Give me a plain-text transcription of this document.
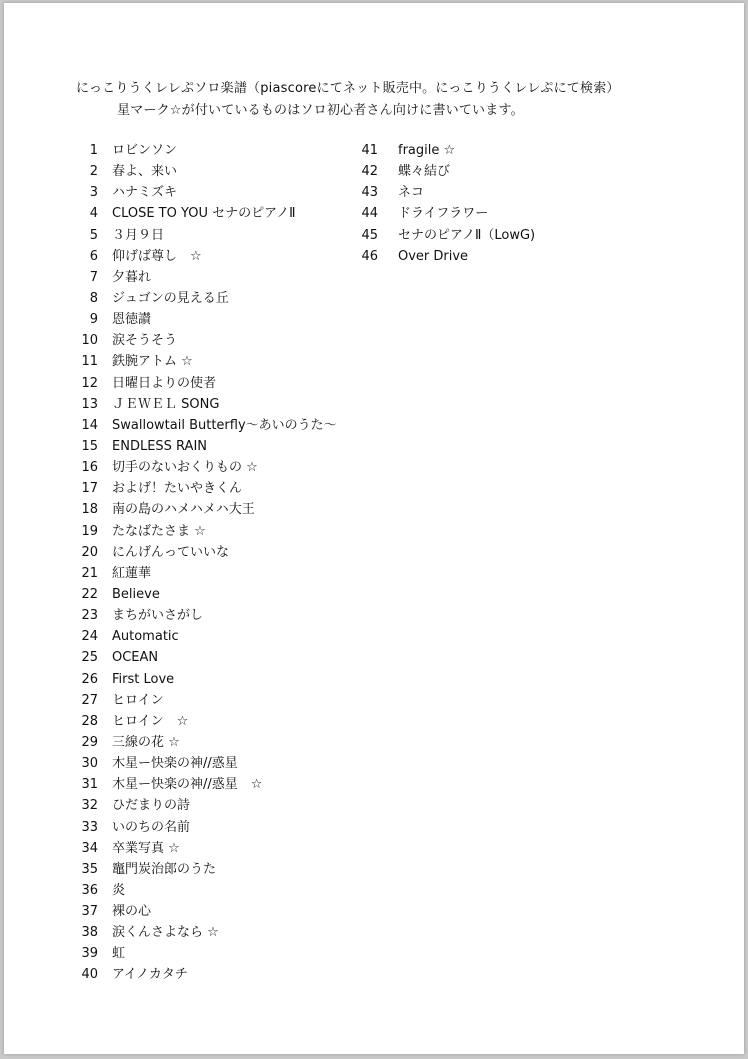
にっこりうくレレぷソロ楽譜（piascoreにてネット販売中。にっこりうくレレぷにて検索）
星マーク☆が付いているものはソロ初心者さん向けに書いています。
1 ロビンソン
2 春よ、来い
3 ハナミズキ
4 CLOSE TO YOU セナのピアノⅡ
5 ３月９日
6 仰げば尊し　☆
7 夕暮れ
8 ジュゴンの見える丘
9 恩徳讃
10 涙そうそう
11 鉄腕アトム ☆
12 日曜日よりの使者
13 ＪＥＷＥＬ SONG
14 Swallowtail Butterfly〜あいのうた〜
15 ENDLESS RAIN
16 切手のないおくりもの ☆
17 およげ！たいやきくん
18 南の島のハメハメハ大王
19 たなばたさま ☆
20 にんげんっていいな
21 紅蓮華
22 Believe
23 まちがいさがし
24 Automatic
25 OCEAN
26 First Love
27 ヒロイン
28 ヒロイン　☆
29 三線の花 ☆
30 木星ー快楽の神//惑星
31 木星ー快楽の神//惑星　☆
32 ひだまりの詩
33 いのちの名前
34 卒業写真 ☆
35 竈門炭治郎のうた
36 炎
37 裸の心
38 涙くんさよなら ☆
39 虹
40 アイノカタチ
41 fragile ☆
42 蝶々結び
43 ネコ
44 ドライフラワー
45 セナのピアノⅡ（LowG)
46 Over Drive
